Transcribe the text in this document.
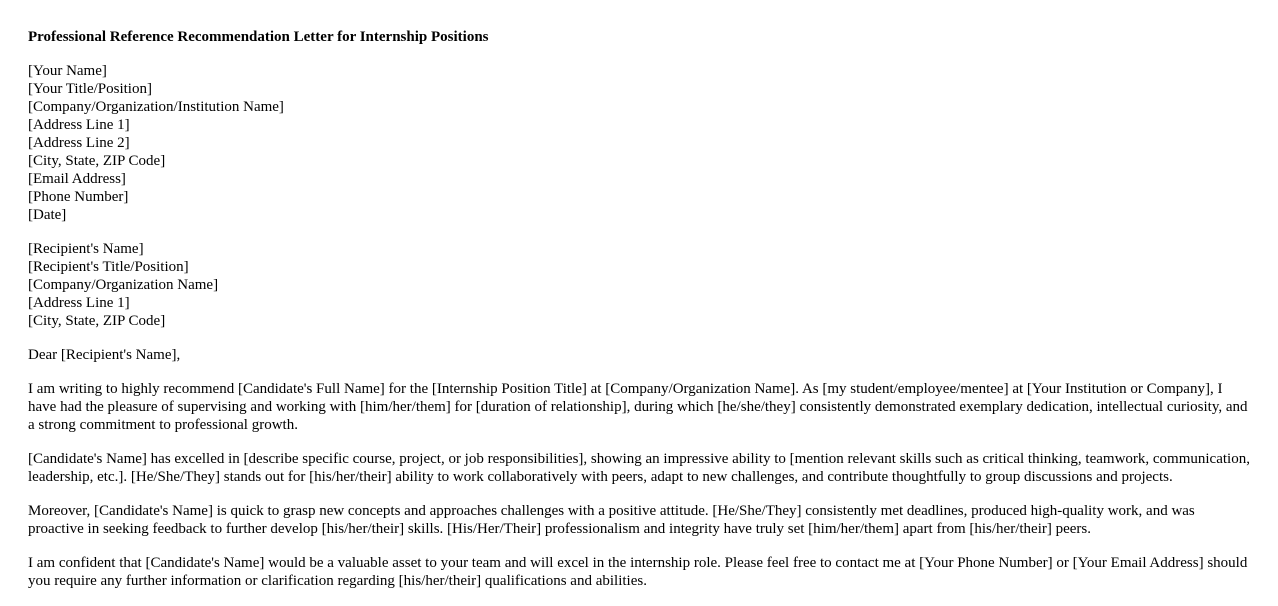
Professional Reference Recommendation Letter for Internship Positions
[Your Name]
[Your Title/Position]
[Company/Organization/Institution Name]
[Address Line 1]
[Address Line 2]
[City, State, ZIP Code]
[Email Address]
[Phone Number]
[Date]
[Recipient's Name]
[Recipient's Title/Position]
[Company/Organization Name]
[Address Line 1]
[City, State, ZIP Code]

Dear [Recipient's Name],

I am writing to highly recommend [Candidate's Full Name] for the [Internship Position Title] at [Company/Organization Name]. As [my student/employee/mentee] at [Your Institution or Company], I have had the pleasure of supervising and working with [him/her/them] for [duration of relationship], during which [he/she/they] consistently demonstrated exemplary dedication, intellectual curiosity, and a strong commitment to professional growth.

[Candidate's Name] has excelled in [describe specific course, project, or job responsibilities], showing an impressive ability to [mention relevant skills such as critical thinking, teamwork, communication, leadership, etc.]. [He/She/They] stands out for [his/her/their] ability to work collaboratively with peers, adapt to new challenges, and contribute thoughtfully to group discussions and projects.

Moreover, [Candidate's Name] is quick to grasp new concepts and approaches challenges with a positive attitude. [He/She/They] consistently met deadlines, produced high-quality work, and was proactive in seeking feedback to further develop [his/her/their] skills. [His/Her/Their] professionalism and integrity have truly set [him/her/them] apart from [his/her/their] peers.

I am confident that [Candidate's Name] would be a valuable asset to your team and will excel in the internship role. Please feel free to contact me at [Your Phone Number] or [Your Email Address] should you require any further information or clarification regarding [his/her/their] qualifications and abilities.
